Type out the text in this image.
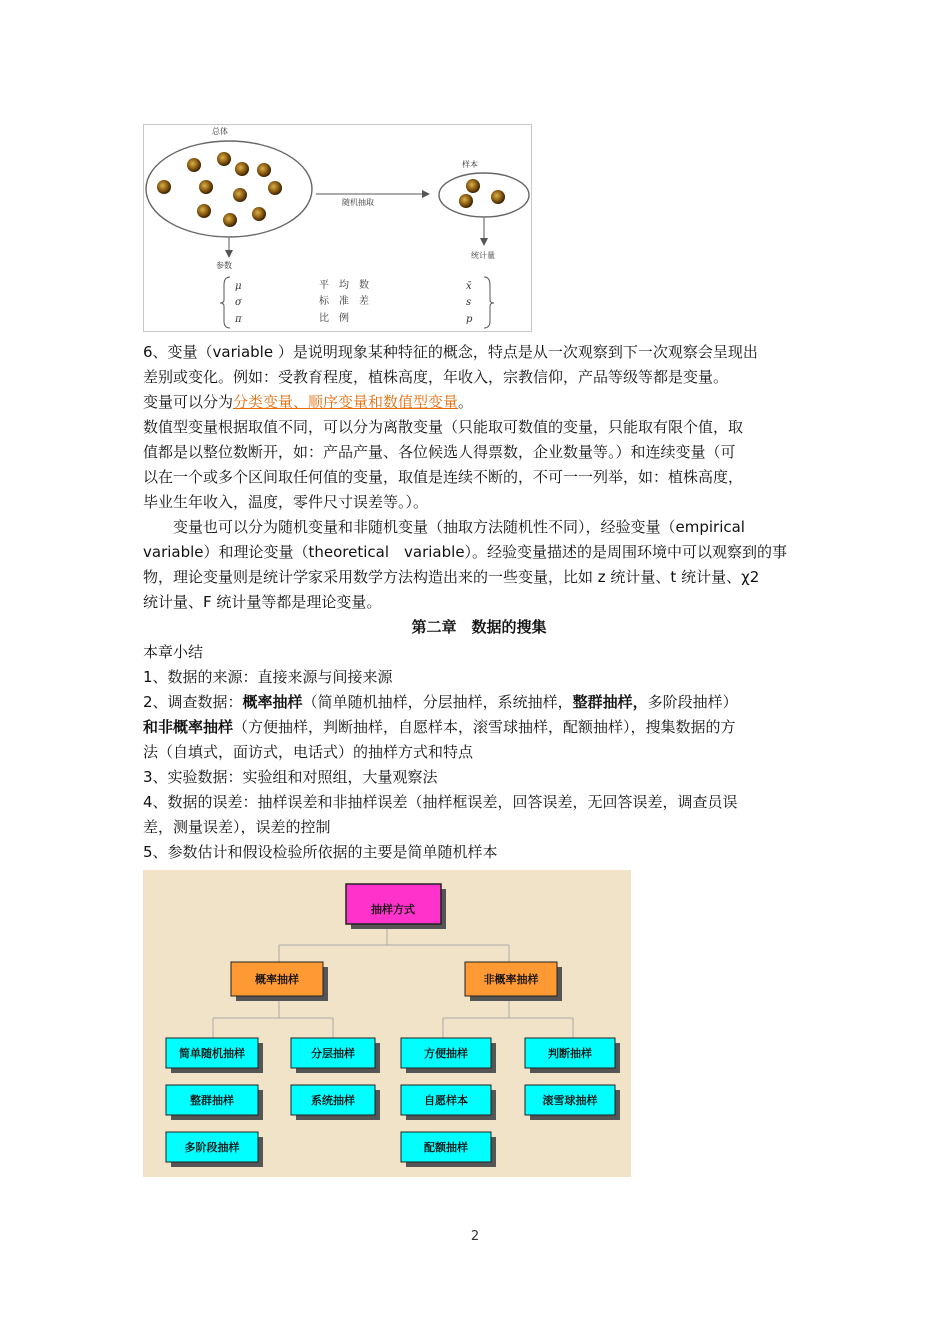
总体
随机抽取
样本
参数
统计量
μ
σ
π
平　均　数
标　准　差
比　例
x̄
s
p
6、变量（variable ）是说明现象某种特征的概念，特点是从一次观察到下一次观察会呈现出
差别或变化。例如：受教育程度，植株高度，年收入，宗教信仰，产品等级等都是变量。
变量可以分为分类变量、顺序变量和数值型变量。
数值型变量根据取值不同，可以分为离散变量（只能取可数值的变量，只能取有限个值，取
值都是以整位数断开，如：产品产量、各位候选人得票数，企业数量等。）和连续变量（可
以在一个或多个区间取任何值的变量，取值是连续不断的，不可一一列举，如：植株高度，
毕业生年收入，温度，零件尺寸误差等。）。
　　变量也可以分为随机变量和非随机变量（抽取方法随机性不同），经验变量（empirical
variable）和理论变量（theoretical　variable）。经验变量描述的是周围环境中可以观察到的事
物，理论变量则是统计学家采用数学方法构造出来的一些变量，比如 z 统计量、t 统计量、χ2
统计量、F 统计量等都是理论变量。
第二章　数据的搜集
本章小结
1、数据的来源：直接来源与间接来源
2、调查数据：概率抽样（简单随机抽样，分层抽样，系统抽样，整群抽样，多阶段抽样）
和非概率抽样（方便抽样，判断抽样，自愿样本，滚雪球抽样，配额抽样），搜集数据的方
法（自填式，面访式，电话式）的抽样方式和特点
3、实验数据：实验组和对照组，大量观察法
4、数据的误差：抽样误差和非抽样误差（抽样框误差，回答误差，无回答误差，调查员误
差，测量误差），误差的控制
5、参数估计和假设检验所依据的主要是简单随机样本
抽样方式
概率抽样	非概率抽样
简单随机抽样	分层抽样
整群抽样	系统抽样
多阶段抽样
方便抽样	判断抽样
自愿样本	滚雪球抽样
配额抽样
2
